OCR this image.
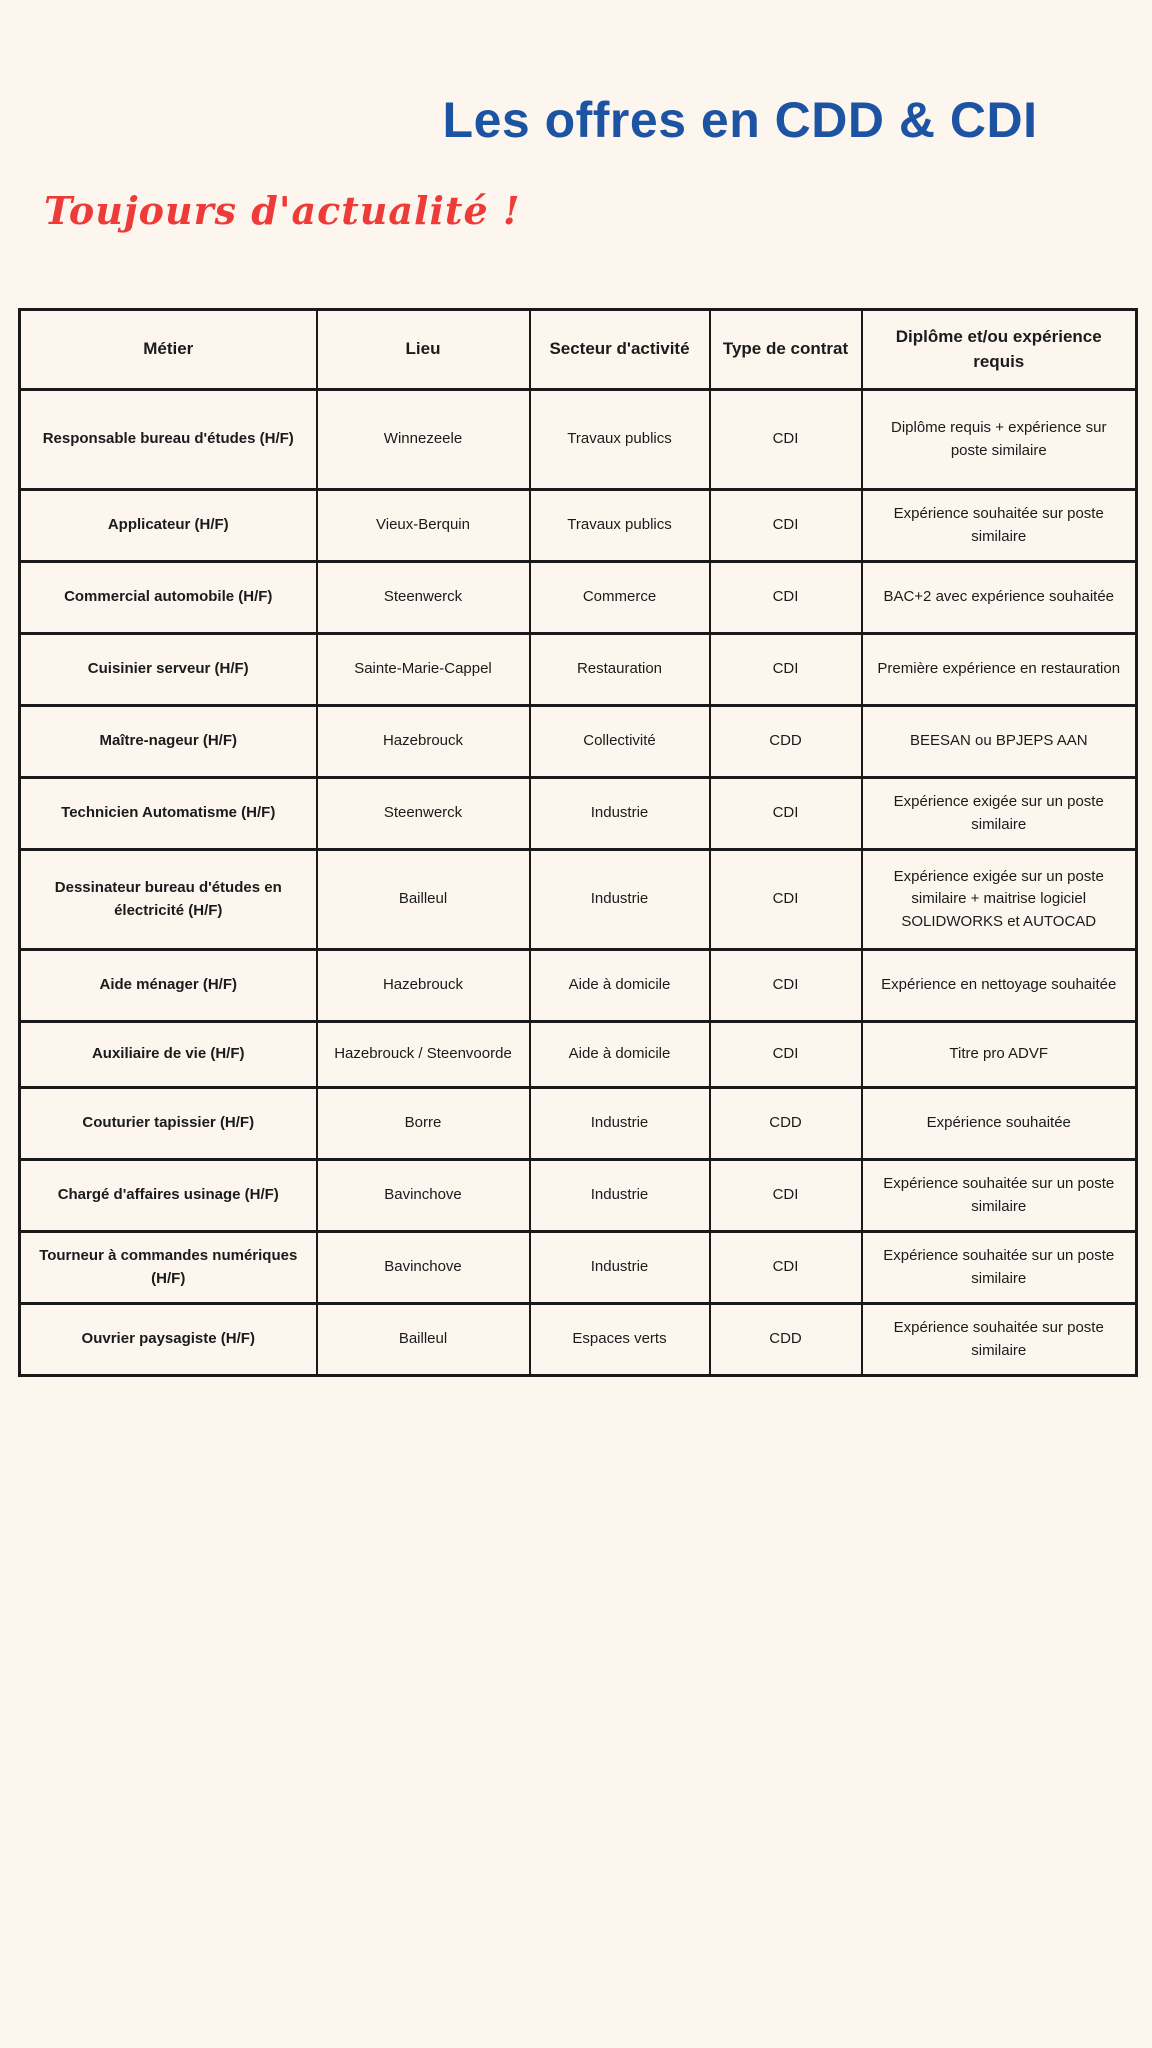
Les offres en CDD & CDI
Toujours d'actualité !
Métier	Lieu	Secteur d'activité	Type de contrat	Diplôme et/ou expérience requis
Responsable bureau d'études (H/F)	Winnezeele	Travaux publics	CDI	Diplôme requis + expérience sur poste similaire
Applicateur (H/F)	Vieux-Berquin	Travaux publics	CDI	Expérience souhaitée sur poste similaire
Commercial automobile (H/F)	Steenwerck	Commerce	CDI	BAC+2 avec expérience souhaitée
Cuisinier serveur (H/F)	Sainte-Marie-Cappel	Restauration	CDI	Première expérience en restauration
Maître-nageur (H/F)	Hazebrouck	Collectivité	CDD	BEESAN ou BPJEPS AAN
Technicien Automatisme (H/F)	Steenwerck	Industrie	CDI	Expérience exigée sur un poste similaire
Dessinateur bureau d'études en électricité (H/F)	Bailleul	Industrie	CDI	Expérience exigée sur un poste similaire + maitrise logiciel SOLIDWORKS et AUTOCAD
Aide ménager (H/F)	Hazebrouck	Aide à domicile	CDI	Expérience en nettoyage souhaitée
Auxiliaire de vie (H/F)	Hazebrouck / Steenvoorde	Aide à domicile	CDI	Titre pro ADVF
Couturier tapissier (H/F)	Borre	Industrie	CDD	Expérience souhaitée
Chargé d'affaires usinage (H/F)	Bavinchove	Industrie	CDI	Expérience souhaitée sur un poste similaire
Tourneur à commandes numériques (H/F)	Bavinchove	Industrie	CDI	Expérience souhaitée sur un poste similaire
Ouvrier paysagiste (H/F)	Bailleul	Espaces verts	CDD	Expérience souhaitée sur poste similaire
